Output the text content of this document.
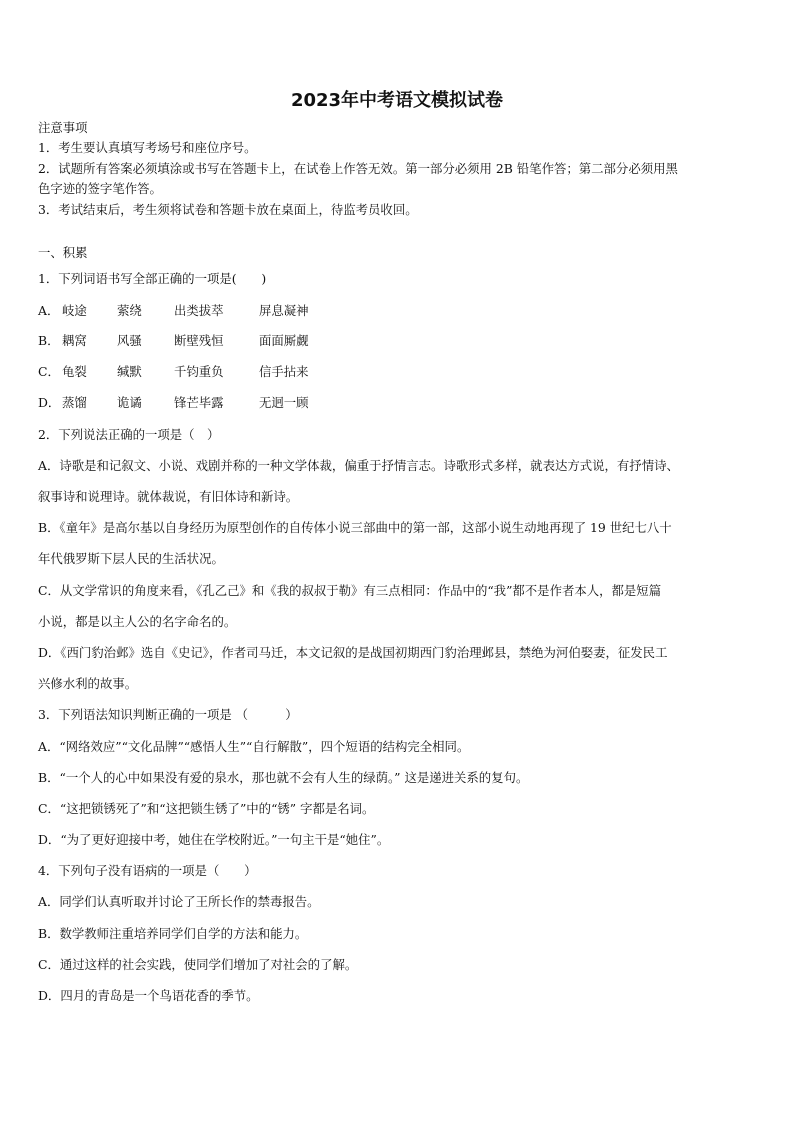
2023年中考语文模拟试卷
注意事项
1．考生要认真填写考场号和座位序号。
2．试题所有答案必须填涂或书写在答题卡上，在试卷上作答无效。第一部分必须用 2B 铅笔作答；第二部分必须用黑
色字迹的签字笔作答。
3．考试结束后，考生须将试卷和答题卡放在桌面上，待监考员收回。
一、积累
1．下列词语书写全部正确的一项是(　　)
A． 岐途 萦绕	出类拔萃	屏息凝神
B． 耦窝 风骚	断壁残恒	面面厮觑
C． 龟裂 缄默	千钧重负	信手拈来
D． 蒸馏 诡谲	锋芒毕露	无迥一顾
2．下列说法正确的一项是（　）
A．诗歌是和记叙文、小说、戏剧并称的一种文学体裁，偏重于抒情言志。诗歌形式多样，就表达方式说，有抒情诗、
叙事诗和说理诗。就体裁说，有旧体诗和新诗。
B．《童年》是高尔基以自身经历为原型创作的自传体小说三部曲中的第一部，这部小说生动地再现了 19 世纪七八十
年代俄罗斯下层人民的生活状况。
C．从文学常识的角度来看，《孔乙己》和《我的叔叔于勒》有三点相同：作品中的“我”都不是作者本人，都是短篇
小说，都是以主人公的名字命名的。
D．《西门豹治邺》选自《史记》，作者司马迁，本文记叙的是战国初期西门豹治理邺县，禁绝为河伯娶妻，征发民工
兴修水利的故事。
3．下列语法知识判断正确的一项是 （　　　）
A．“网络效应”“文化品牌”“感悟人生”“自行解散”，四个短语的结构完全相同。
B．“一个人的心中如果没有爱的泉水，那也就不会有人生的绿荫。” 这是递进关系的复句。
C．“这把锁锈死了”和“这把锁生锈了”中的“锈” 字都是名词。
D．“为了更好迎接中考，她住在学校附近。”一句主干是“她住”。
4．下列句子没有语病的一项是（　　）
A．同学们认真听取并讨论了王所长作的禁毒报告。
B．数学教师注重培养同学们自学的方法和能力。
C．通过这样的社会实践，使同学们增加了对社会的了解。
D．四月的青岛是一个鸟语花香的季节。
